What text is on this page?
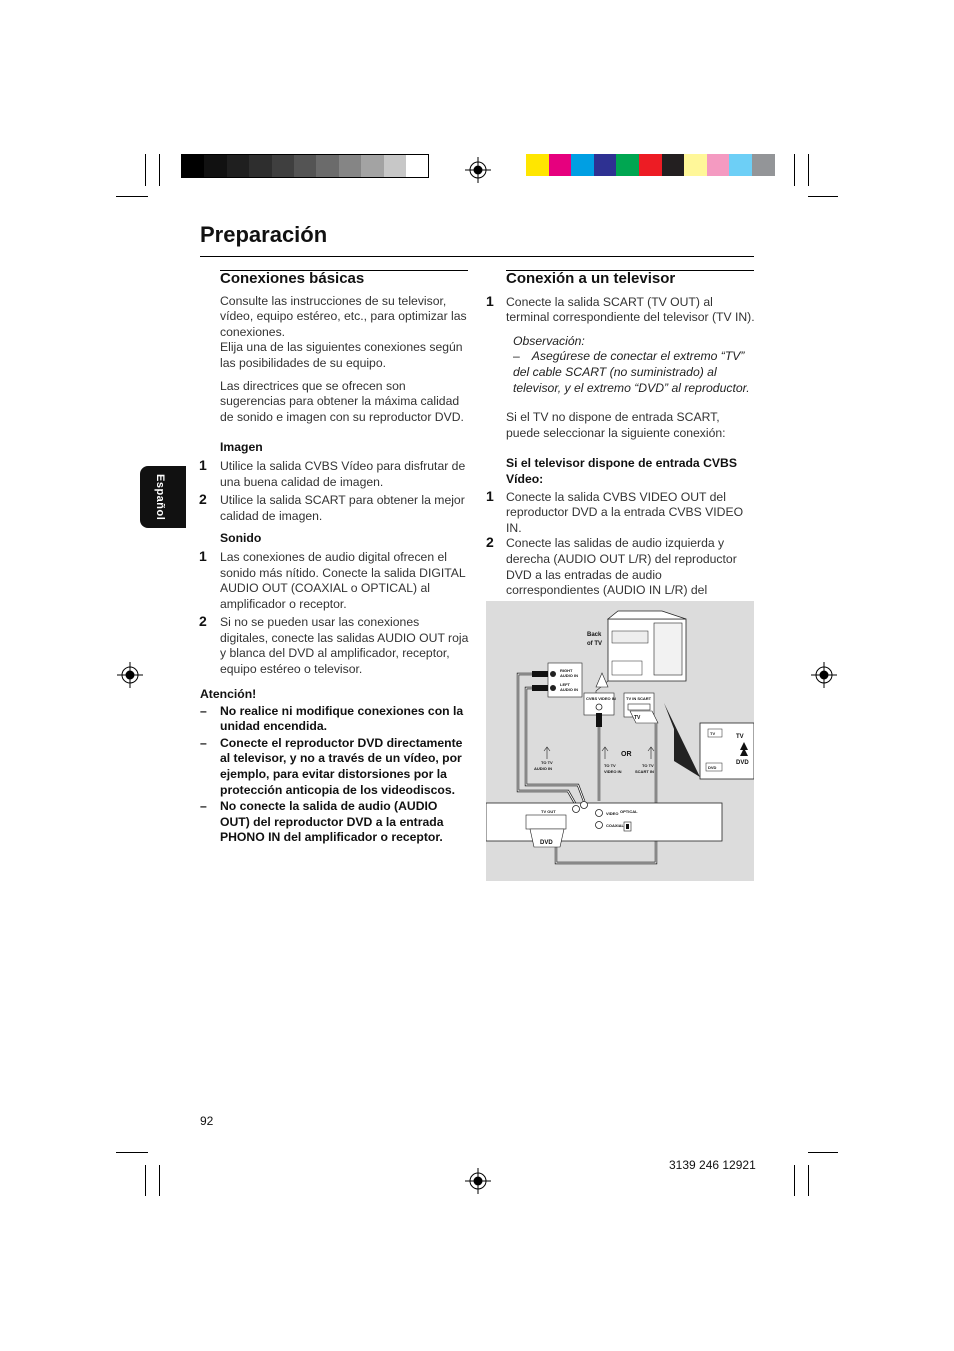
Preparación
Español
Conexiones básicas

Consulte las instrucciones de su televisor, vídeo, equipo estéreo, etc., para optimizar las conexiones.

Elija una de las siguientes conexiones según las posibilidades de su equipo.

Las directrices que se ofrecen son sugerencias para obtener la máxima calidad de sonido e imagen con su reproductor DVD.

Imagen

1 Utilice la salida CVBS Vídeo para disfrutar de una buena calidad de imagen.

2 Utilice la salida SCART para obtener la mejor calidad de imagen.

Sonido

1 Las conexiones de audio digital ofrecen el sonido más nítido. Conecte la salida DIGITAL AUDIO OUT (COAXIAL o OPTICAL) al amplificador o receptor.

2 Si no se pueden usar las conexiones digitales, conecte las salidas AUDIO OUT roja y blanca del DVD al amplificador, receptor, equipo estéreo o televisor.

Atención!

– No realice ni modifique conexiones con la unidad encendida.

– Conecte el reproductor DVD directamente al televisor, y no a través de un vídeo, por ejemplo, para evitar distorsiones por la protección anticopia de los videodiscos.

– No conecte la salida de audio (AUDIO OUT) del reproductor DVD a la entrada PHONO IN del amplificador o receptor.

Conexión a un televisor
1 Conecte la salida SCART (TV OUT) al terminal correspondiente del televisor (TV IN).

Observación:

– Asegúrese de conectar el extremo “TV” del cable SCART (no suministrado) al televisor, y el extremo “DVD” al reproductor.

Si el TV no dispone de entrada SCART, puede seleccionar la siguiente conexión:

Si el televisor dispone de entrada CVBS Vídeo:

1 Conecte la salida CVBS VIDEO OUT del reproductor DVD a la entrada CVBS VIDEO IN.

2 Conecte las salidas de audio izquierda y derecha (AUDIO OUT L/R) del reproductor DVD a las entradas de audio correspondientes (AUDIO IN L/R) del

Back
of TV
RIGHT
AUDIO IN
LEFT
AUDIO IN
CVBS VIDEO IN	TV IN SCART
TV
TV
DVD
TV
DVD
TO TV
AUDIO IN
TO TV
VIDEO IN
TO TV
SCART IN
OR
TV OUT
DVD
VIDEO
COAXIAL
OPTICAL
92
3139 246 12921
